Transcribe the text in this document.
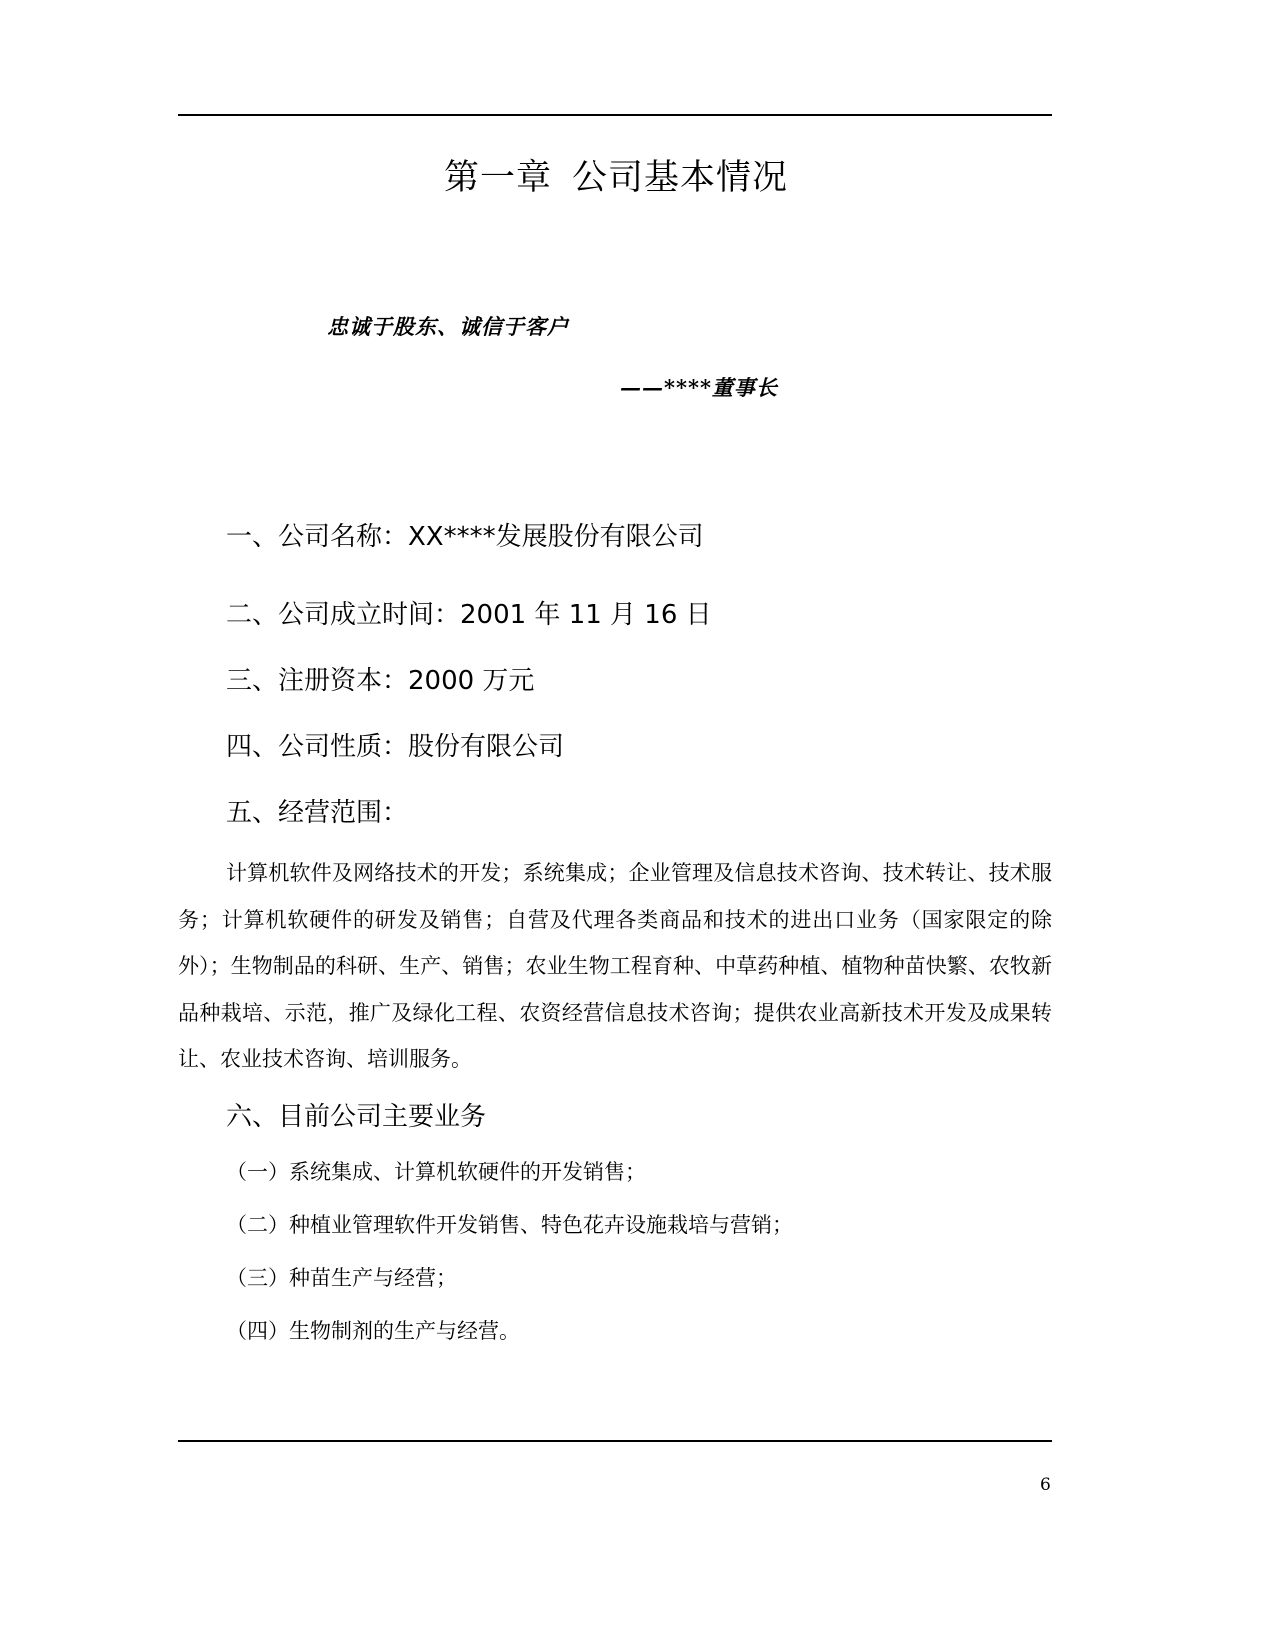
第一章 公司基本情况
忠诚于股东、诚信于客户
——****董事长
一、公司名称：XX****发展股份有限公司
二、公司成立时间：2001 年 11 月 16 日
三、注册资本：2000 万元
四、公司性质：股份有限公司
五、经营范围：

计算机软件及网络技术的开发；系统集成；企业管理及信息技术咨询、技术转让、技术服务；计算机软硬件的研发及销售；自营及代理各类商品和技术的进出口业务（国家限定的除外）；生物制品的科研、生产、销售；农业生物工程育种、中草药种植、植物种苗快繁、农牧新品种栽培、示范，推广及绿化工程、农资经营信息技术咨询；提供农业高新技术开发及成果转让、农业技术咨询、培训服务。

六、目前公司主要业务
（一）系统集成、计算机软硬件的开发销售；
（二）种植业管理软件开发销售、特色花卉设施栽培与营销；
（三）种苗生产与经营；
（四）生物制剂的生产与经营。
6
